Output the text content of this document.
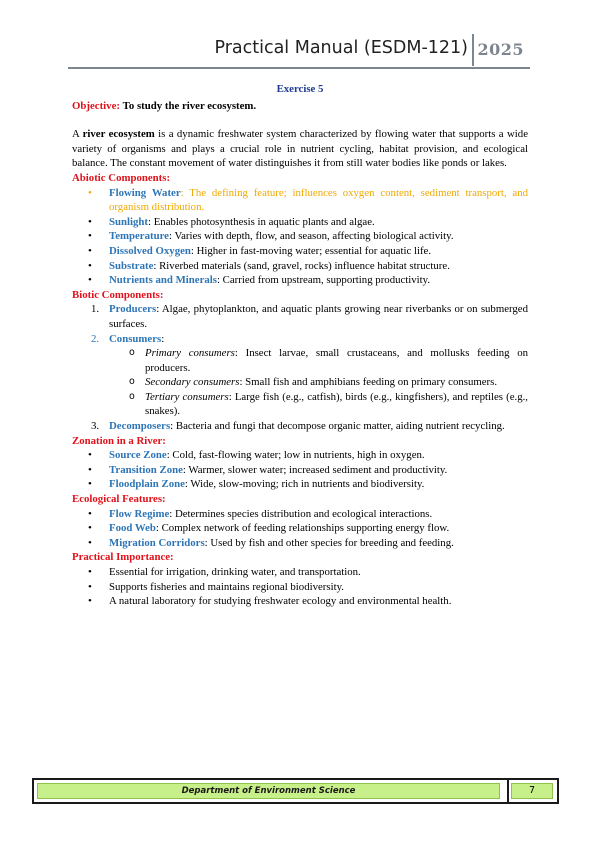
Practical Manual (ESDM-121) 2025

Exercise 5

Objective: To study the river ecosystem.

A river ecosystem is a dynamic freshwater system characterized by flowing water that supports a wide variety of organisms and plays a crucial role in nutrient cycling, habitat provision, and ecological balance. The constant movement of water distinguishes it from still water bodies like ponds or lakes.

Abiotic Components:

• Flowing Water: The defining feature; influences oxygen content, sediment transport, and organism distribution.
• Sunlight: Enables photosynthesis in aquatic plants and algae.
• Temperature: Varies with depth, flow, and season, affecting biological activity.
• Dissolved Oxygen: Higher in fast-moving water; essential for aquatic life.
• Substrate: Riverbed materials (sand, gravel, rocks) influence habitat structure.
• Nutrients and Minerals: Carried from upstream, supporting productivity.

Biotic Components:

1. Producers: Algae, phytoplankton, and aquatic plants growing near riverbanks or on submerged surfaces.
2. Consumers:
o Primary consumers: Insect larvae, small crustaceans, and mollusks feeding on producers.
o Secondary consumers: Small fish and amphibians feeding on primary consumers.
o Tertiary consumers: Large fish (e.g., catfish), birds (e.g., kingfishers), and reptiles (e.g., snakes).
3. Decomposers: Bacteria and fungi that decompose organic matter, aiding nutrient recycling.

Zonation in a River:

• Source Zone: Cold, fast-flowing water; low in nutrients, high in oxygen.
• Transition Zone: Warmer, slower water; increased sediment and productivity.
• Floodplain Zone: Wide, slow-moving; rich in nutrients and biodiversity.

Ecological Features:

• Flow Regime: Determines species distribution and ecological interactions.
• Food Web: Complex network of feeding relationships supporting energy flow.
• Migration Corridors: Used by fish and other species for breeding and feeding.

Practical Importance:

• Essential for irrigation, drinking water, and transportation.
• Supports fisheries and maintains regional biodiversity.
• A natural laboratory for studying freshwater ecology and environmental health.
Department of Environment Science	7
